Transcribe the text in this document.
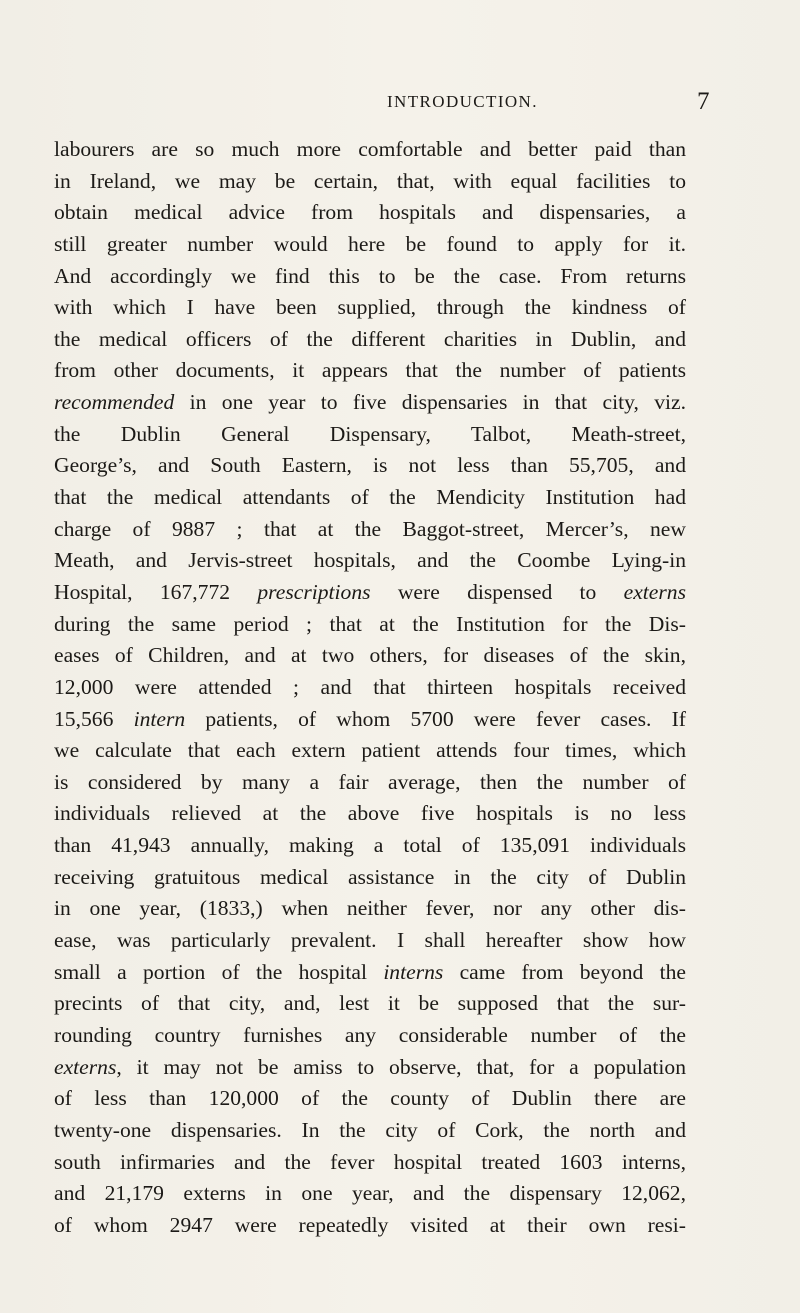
INTRODUCTION.	7
labourers are so much more comfortable and better paid than
in Ireland, we may be certain, that, with equal facilities to
obtain medical advice from hospitals and dispensaries, a
still greater number would here be found to apply for it.
And accordingly we find this to be the case. From returns
with which I have been supplied, through the kindness of
the medical officers of the different charities in Dublin, and
from other documents, it appears that the number of patients
recommended in one year to five dispensaries in that city, viz.
the Dublin General Dispensary, Talbot, Meath-street,
George’s, and South Eastern, is not less than 55,705, and
that the medical attendants of the Mendicity Institution had
charge of 9887 ; that at the Baggot-street, Mercer’s, new
Meath, and Jervis-street hospitals, and the Coombe Lying-in
Hospital, 167,772 prescriptions were dispensed to externs
during the same period ; that at the Institution for the Dis-
eases of Children, and at two others, for diseases of the skin,
12,000 were attended ; and that thirteen hospitals received
15,566 intern patients, of whom 5700 were fever cases. If
we calculate that each extern patient attends four times, which
is considered by many a fair average, then the number of
individuals relieved at the above five hospitals is no less
than 41,943 annually, making a total of 135,091 individuals
receiving gratuitous medical assistance in the city of Dublin
in one year, (1833,) when neither fever, nor any other dis-
ease, was particularly prevalent. I shall hereafter show how
small a portion of the hospital interns came from beyond the
precints of that city, and, lest it be supposed that the sur-
rounding country furnishes any considerable number of the
externs, it may not be amiss to observe, that, for a population
of less than 120,000 of the county of Dublin there are
twenty-one dispensaries. In the city of Cork, the north and
south infirmaries and the fever hospital treated 1603 interns,
and 21,179 externs in one year, and the dispensary 12,062,
of whom 2947 were repeatedly visited at their own resi-
